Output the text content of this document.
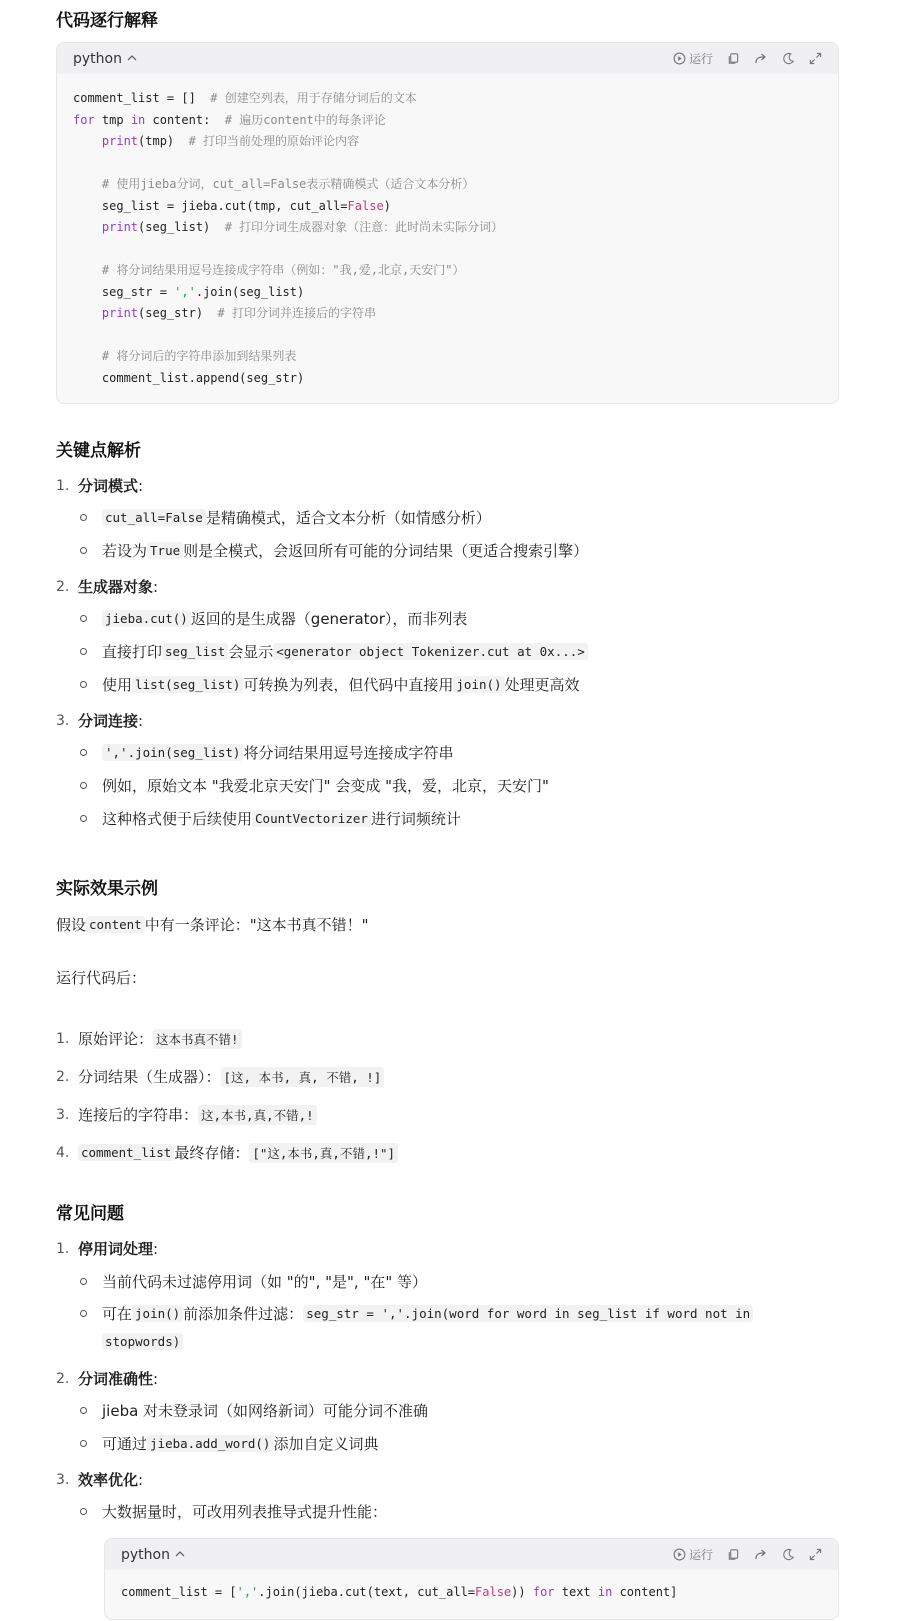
代码逐行解释
python	运行
comment_list = []  # 创建空列表，用于存储分词后的文本
for tmp in content:  # 遍历content中的每条评论
print(tmp)  # 打印当前处理的原始评论内容

# 使用jieba分词，cut_all=False表示精确模式（适合文本分析）
seg_list = jieba.cut(tmp, cut_all=False)
print(seg_list)  # 打印分词生成器对象（注意：此时尚未实际分词）

# 将分词结果用逗号连接成字符串（例如："我,爱,北京,天安门"）
seg_str = ','.join(seg_list)
print(seg_str)  # 打印分词并连接后的字符串

# 将分词后的字符串添加到结果列表
comment_list.append(seg_str)
关键点解析
1. 分词模式 :
cut_all=False 是精确模式，适合文本分析（如情感分析）
若设为 True 则是全模式，会返回所有可能的分词结果（更适合搜索引擎）
2. 生成器对象 :
jieba.cut() 返回的是生成器（generator），而非列表
直接打印 seg_list 会显示 <generator object Tokenizer.cut at 0x...>
使用 list(seg_list) 可转换为列表，但代码中直接用 join() 处理更高效
3. 分词连接 :
','.join(seg_list) 将分词结果用逗号连接成字符串
例如，原始文本 "我爱北京天安门" 会变成 "我，爱，北京，天安门"
这种格式便于后续使用 CountVectorizer 进行词频统计
实际效果示例
假设 content 中有一条评论："这本书真不错！"
运行代码后：
1. 原始评论： 这本书真不错!
2. 分词结果（生成器）： [这, 本书, 真, 不错, !]
3. 连接后的字符串： 这,本书,真,不错,!
4. comment_list 最终存储： ["这,本书,真,不错,!"]
常见问题
1. 停用词处理 :
当前代码未过滤停用词（如 "的", "是", "在" 等）
可在 join() 前添加条件过滤： seg_str = ','.join(word for word in seg_list if word not in
stopwords)
2. 分词准确性 :
jieba 对未登录词（如网络新词）可能分词不准确
可通过 jieba.add_word() 添加自定义词典
3. 效率优化 :
大数据量时，可改用列表推导式提升性能：
python	运行
comment_list = [','.join(jieba.cut(text, cut_all=False)) for text in content]
